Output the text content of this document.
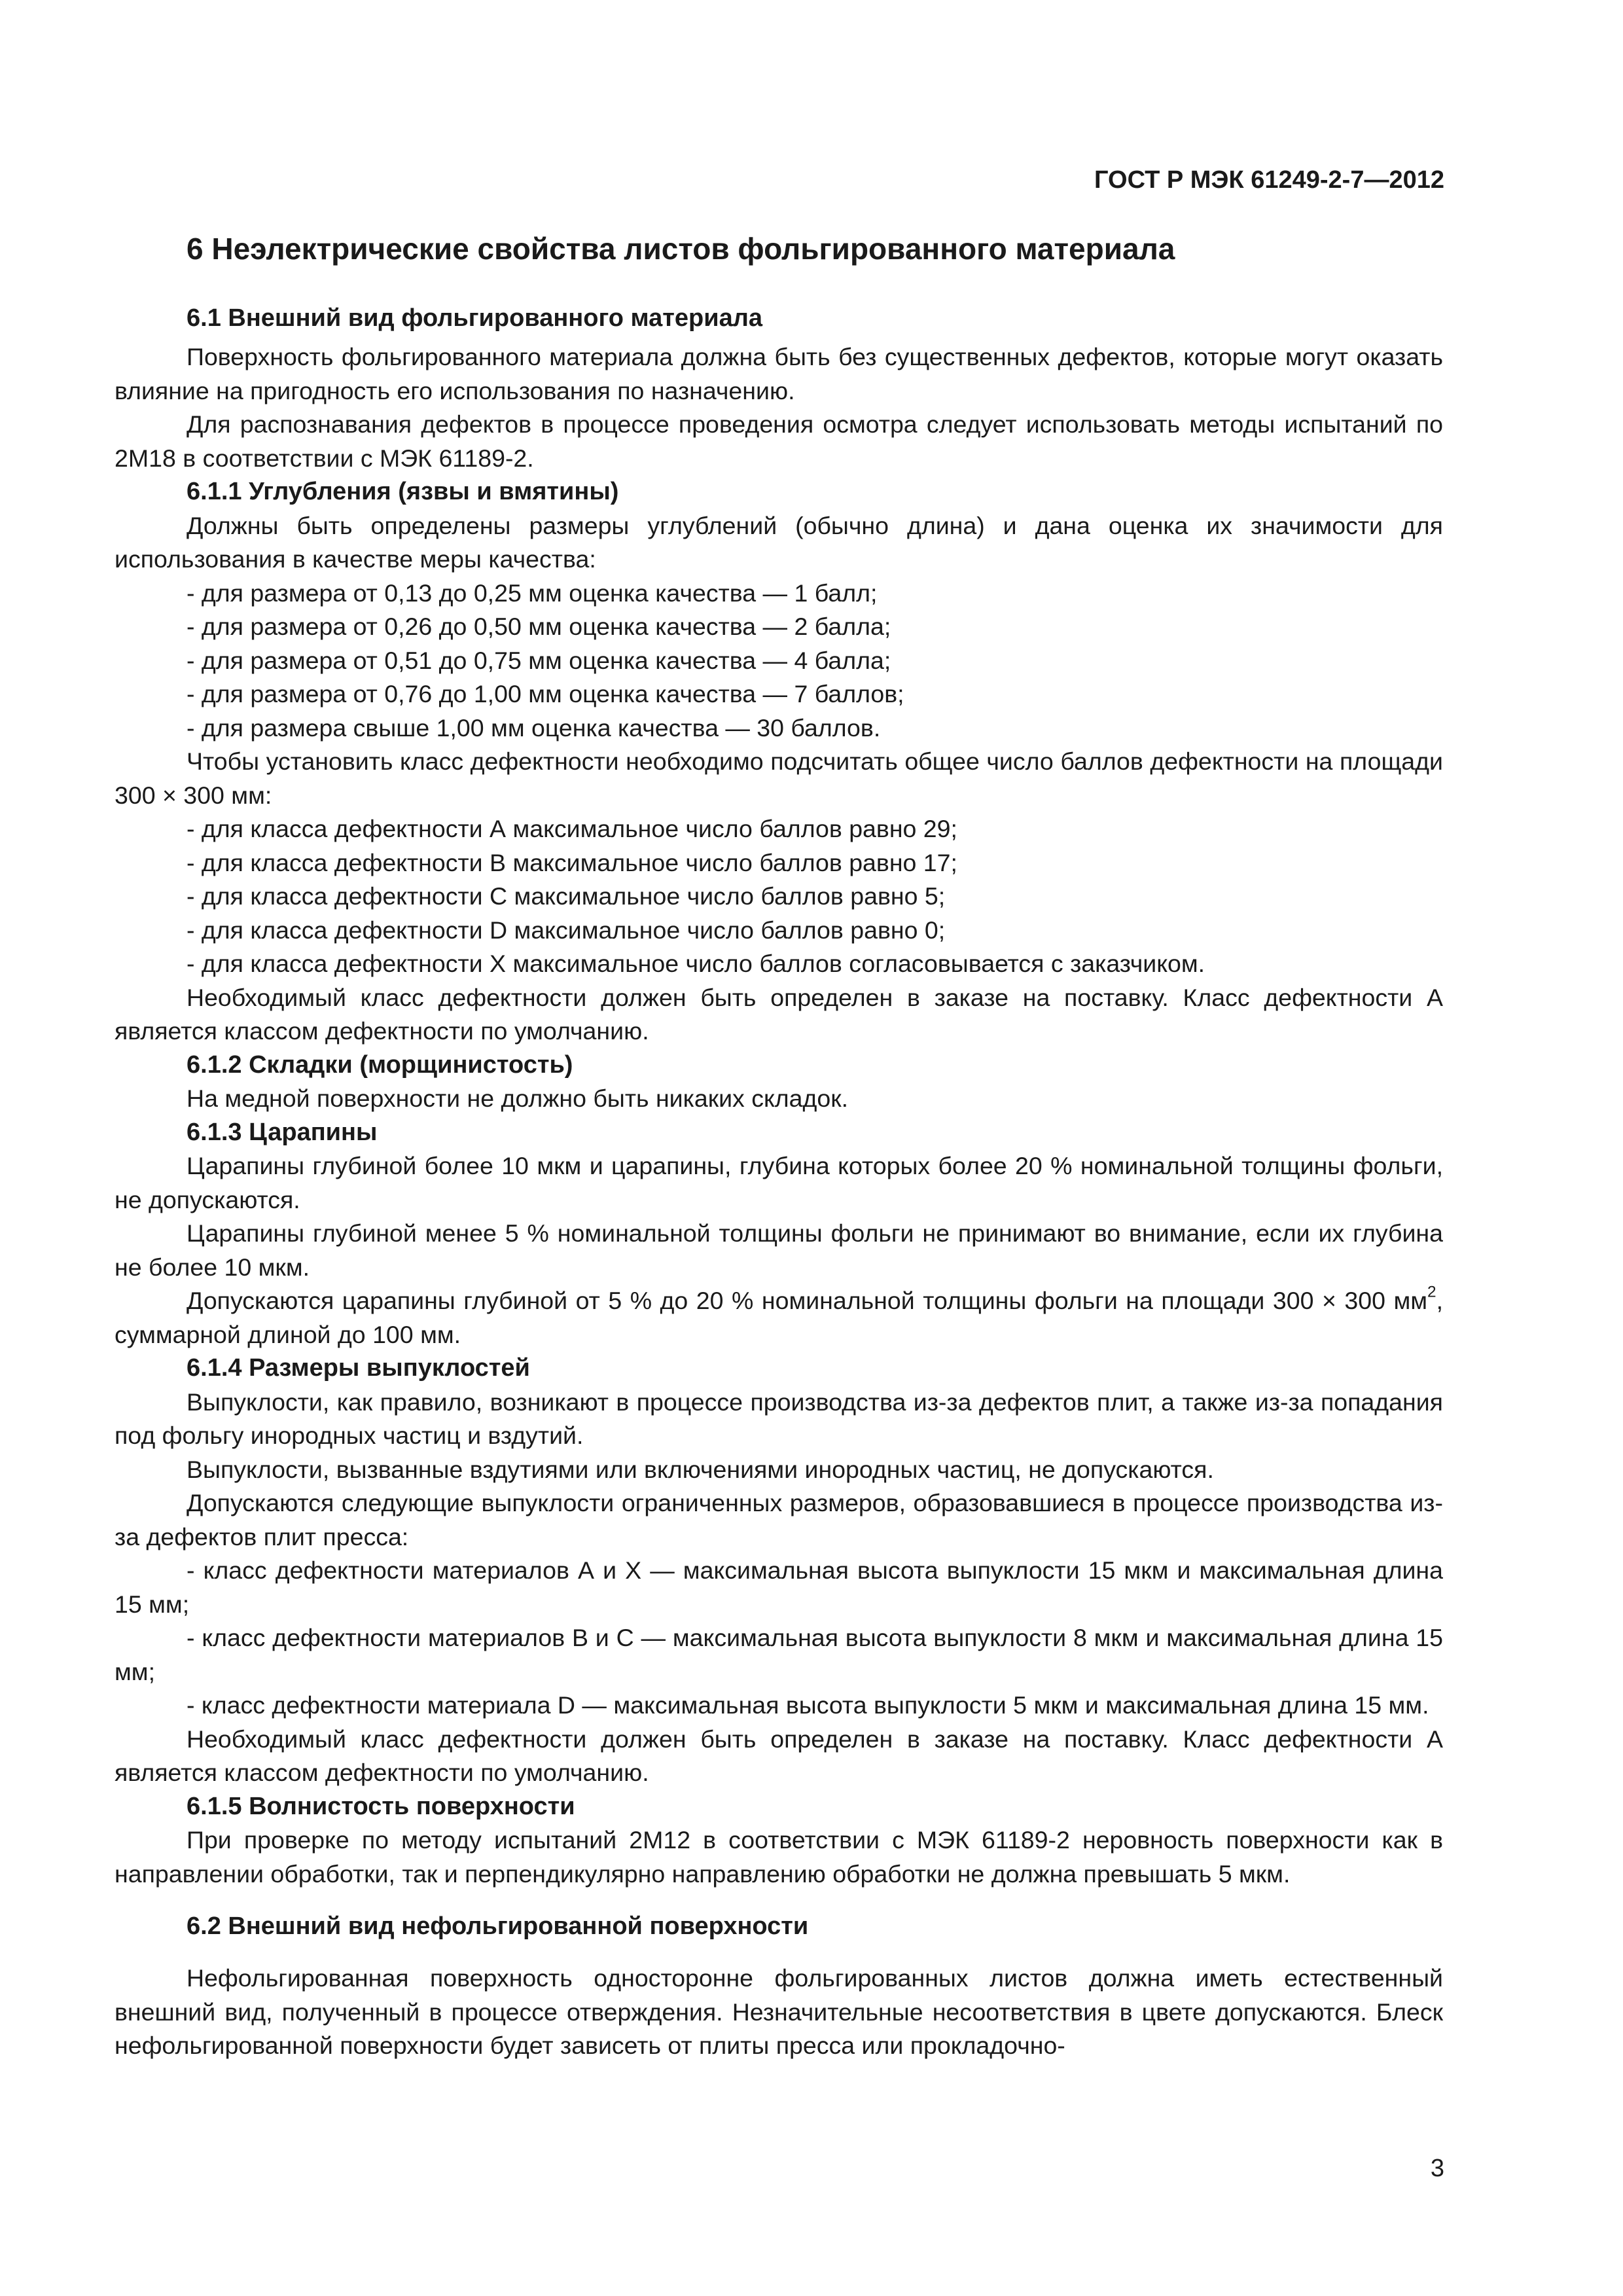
ГОСТ Р МЭК 61249-2-7—2012
6 Неэлектрические свойства листов фольгированного материала
6.1 Внешний вид фольгированного материала

Поверхность фольгированного материала должна быть без существенных дефектов, которые могут оказать влияние на пригодность его использования по назначению.

Для распознавания дефектов в процессе проведения осмотра следует использовать методы испытаний по 2М18 в соответствии с МЭК 61189-2.

6.1.1 Углубления (язвы и вмятины)

Должны быть определены размеры углублений (обычно длина) и дана оценка их значимости для использования в качестве меры качества:

- для размера от 0,13 до 0,25 мм оценка качества — 1 балл;

- для размера от 0,26 до 0,50 мм оценка качества — 2 балла;

- для размера от 0,51 до 0,75 мм оценка качества — 4 балла;

- для размера от 0,76 до 1,00 мм оценка качества — 7 баллов;

- для размера свыше 1,00 мм оценка качества — 30 баллов.

Чтобы установить класс дефектности необходимо подсчитать общее число баллов дефектности на площади 300 × 300 мм:

- для класса дефектности А максимальное число баллов равно 29;

- для класса дефектности В максимальное число баллов равно 17;

- для класса дефектности С максимальное число баллов равно 5;

- для класса дефектности D максимальное число баллов равно 0;

- для класса дефектности Х максимальное число баллов согласовывается с заказчиком.

Необходимый класс дефектности должен быть определен в заказе на поставку. Класс дефектности А является классом дефектности по умолчанию.

6.1.2 Складки (морщинистость)

На медной поверхности не должно быть никаких складок.

6.1.3 Царапины

Царапины глубиной более 10 мкм и царапины, глубина которых более 20 % номинальной толщины фольги, не допускаются.

Царапины глубиной менее 5 % номинальной толщины фольги не принимают во внимание, если их глубина не более 10 мкм.

Допускаются царапины глубиной от 5 % до 20 % номинальной толщины фольги на площади 300 × 300 $мм^2$, суммарной длиной до 100 мм.

6.1.4 Размеры выпуклостей

Выпуклости, как правило, возникают в процессе производства из-за дефектов плит, а также из-за попадания под фольгу инородных частиц и вздутий.

Выпуклости, вызванные вздутиями или включениями инородных частиц, не допускаются.

Допускаются следующие выпуклости ограниченных размеров, образовавшиеся в процессе производства из-за дефектов плит пресса:

- класс дефектности материалов А и Х — максимальная высота выпуклости 15 мкм и максимальная длина 15 мм;

- класс дефектности материалов В и С — максимальная высота выпуклости 8 мкм и максимальная длина 15 мм;

- класс дефектности материала D — максимальная высота выпуклости 5 мкм и максимальная длина 15 мм.

Необходимый класс дефектности должен быть определен в заказе на поставку. Класс дефектности А является классом дефектности по умолчанию.

6.1.5 Волнистость поверхности

При проверке по методу испытаний 2М12 в соответствии с МЭК 61189-2 неровность поверхности как в направлении обработки, так и перпендикулярно направлению обработки не должна превышать 5 мкм.

6.2 Внешний вид нефольгированной поверхности

Нефольгированная поверхность односторонне фольгированных листов должна иметь естественный внешний вид, полученный в процессе отверждения. Незначительные несоответствия в цвете допускаются. Блеск нефольгированной поверхности будет зависеть от плиты пресса или прокладочно-

3
